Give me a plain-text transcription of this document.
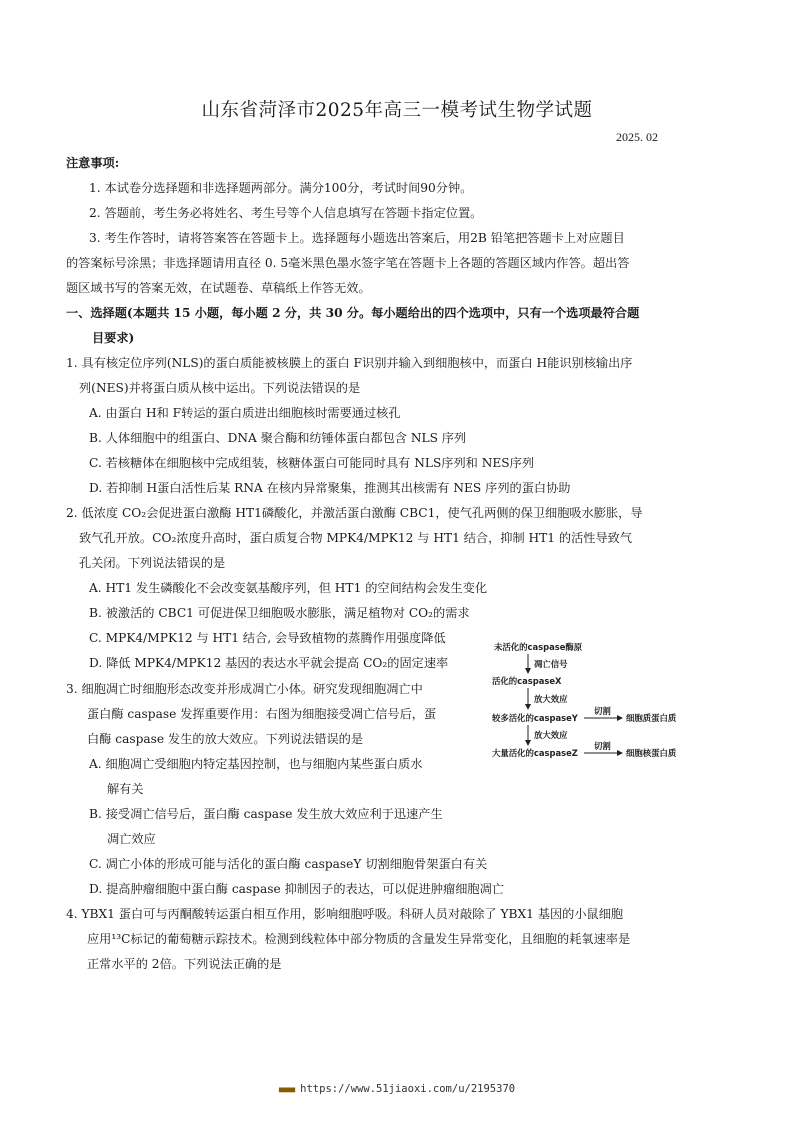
山东省菏泽市2025年高三一模考试生物学试题
2025. 02
注意事项:
1. 本试卷分选择题和非选择题两部分。满分100分，考试时间90分钟。
2. 答题前，考生务必将姓名、考生号等个人信息填写在答题卡指定位置。
3. 考生作答时，请将答案答在答题卡上。选择题每小题选出答案后，用2B 铅笔把答题卡上对应题目
的答案标号涂黑；非选择题请用直径 0. 5毫米黑色墨水签字笔在答题卡上各题的答题区域内作答。超出答
题区域书写的答案无效，在试题卷、草稿纸上作答无效。
一、选择题(本题共 15 小题，每小题 2 分，共 30 分。每小题给出的四个选项中，只有一个选项最符合题
目要求)
1. 具有核定位序列(NLS)的蛋白质能被核膜上的蛋白 F识别并输入到细胞核中，而蛋白 H能识别核输出序
列(NES)并将蛋白质从核中运出。下列说法错误的是
A. 由蛋白 H和 F转运的蛋白质进出细胞核时需要通过核孔
B. 人体细胞中的组蛋白、DNA 聚合酶和纺锤体蛋白都包含 NLS 序列
C. 若核糖体在细胞核中完成组装，核糖体蛋白可能同时具有 NLS序列和 NES序列
D. 若抑制 H蛋白活性后某 RNA 在核内异常聚集，推测其出核需有 NES 序列的蛋白协助
2. 低浓度 CO₂会促进蛋白激酶 HT1磷酸化，并激活蛋白激酶 CBC1，使气孔两侧的保卫细胞吸水膨胀，导
致气孔开放。CO₂浓度升高时，蛋白质复合物 MPK4/MPK12 与 HT1 结合，抑制 HT1 的活性导致气
孔关闭。下列说法错误的是
A. HT1 发生磷酸化不会改变氨基酸序列，但 HT1 的空间结构会发生变化
B. 被激活的 CBC1 可促进保卫细胞吸水膨胀，满足植物对 CO₂的需求
C. MPK4/MPK12 与 HT1 结合, 会导致植物的蒸腾作用强度降低
D. 降低 MPK4/MPK12 基因的表达水平就会提高 CO₂的固定速率
3. 细胞凋亡时细胞形态改变并形成凋亡小体。研究发现细胞凋亡中
蛋白酶 caspase 发挥重要作用：右图为细胞接受凋亡信号后，蛋
白酶 caspase 发生的放大效应。下列说法错误的是
A. 细胞凋亡受细胞内特定基因控制，也与细胞内某些蛋白质水
解有关
B. 接受凋亡信号后，蛋白酶 caspase 发生放大效应利于迅速产生
凋亡效应
C. 凋亡小体的形成可能与活化的蛋白酶 caspaseY 切割细胞骨架蛋白有关
D. 提高肿瘤细胞中蛋白酶 caspase 抑制因子的表达，可以促进肿瘤细胞凋亡
4. YBX1 蛋白可与丙酮酸转运蛋白相互作用，影响细胞呼吸。科研人员对敲除了 YBX1 基因的小鼠细胞
应用¹³C标记的葡萄糖示踪技术。检测到线粒体中部分物质的含量发生异常变化，且细胞的耗氧速率是
正常水平的 2倍。下列说法正确的是
未活化的caspase酶原
凋亡信号
活化的caspaseX
放大效应
较多活化的caspaseY
切割
细胞质蛋白质
放大效应
大量活化的caspaseZ
切割
细胞核蛋白质
■■■■ https://www.51jiaoxi.com/u/2195370
